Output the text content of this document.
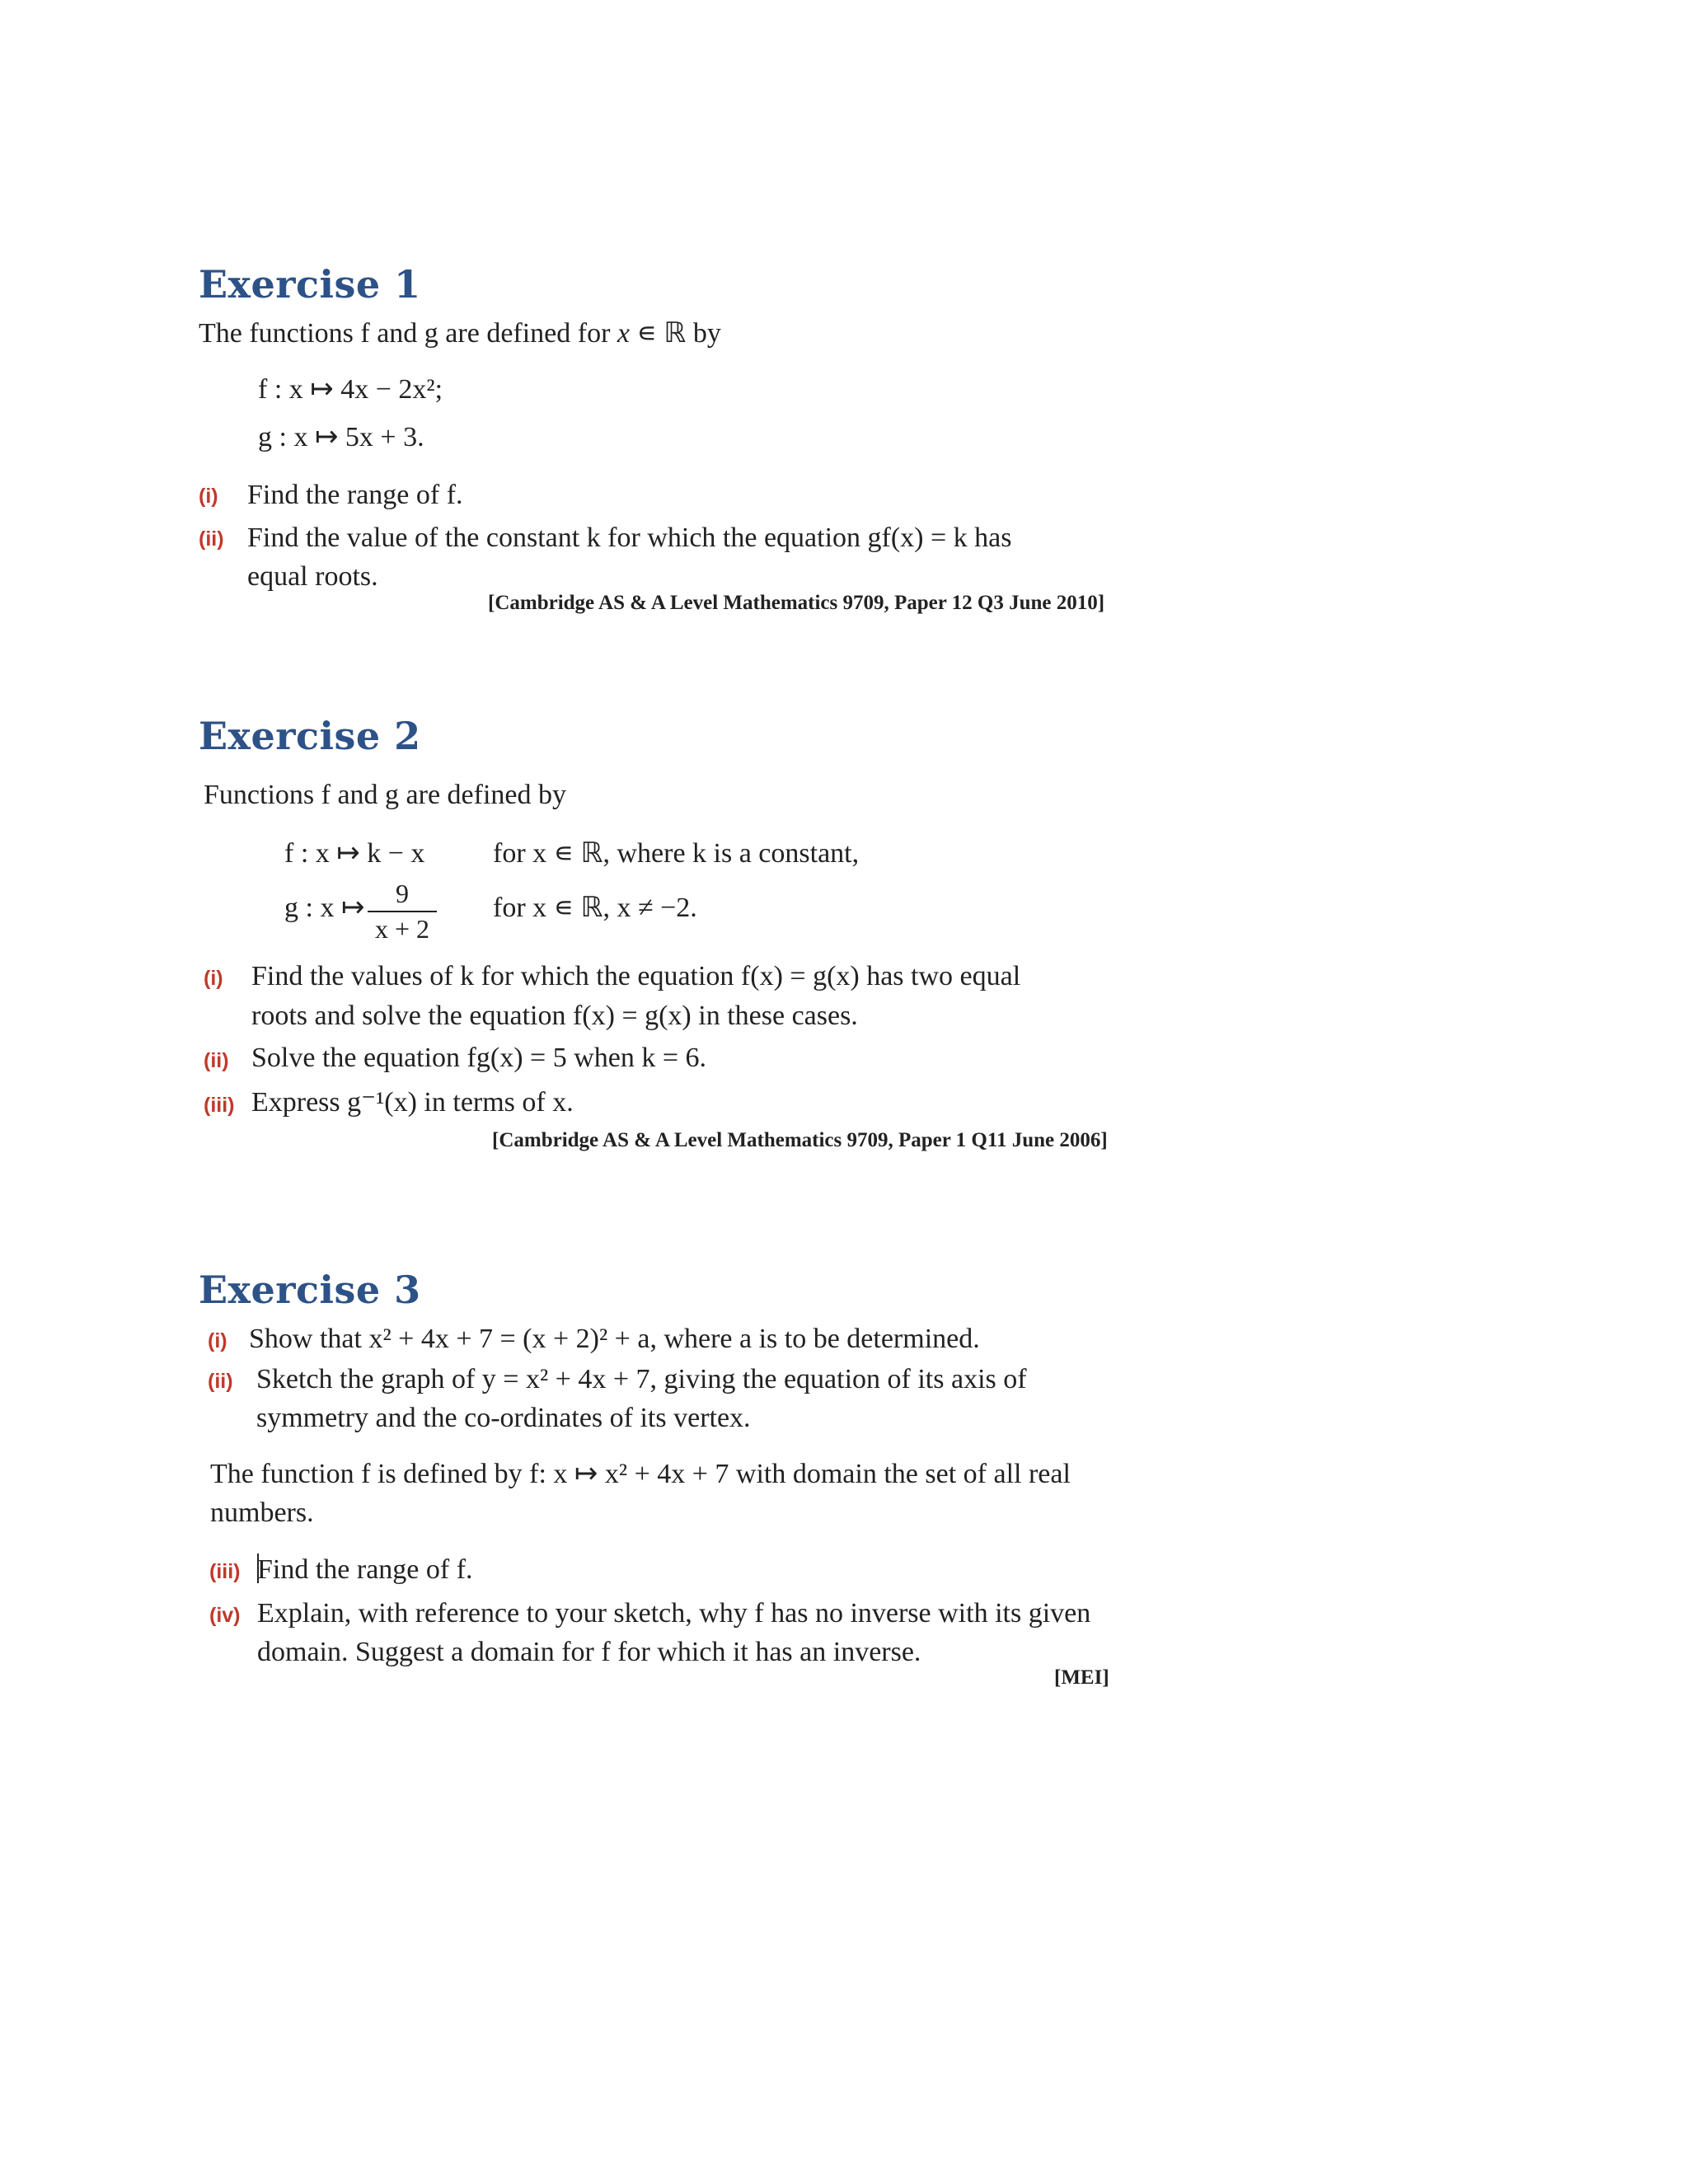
Exercise 1
The functions f and g are defined for x ∊ ℝ by
f : x ↦ 4x − 2x²;
g : x ↦ 5x + 3.
(i) Find the range of f.
(ii) Find the value of the constant k for which the equation gf(x) = k has
equal roots.
[Cambridge AS & A Level Mathematics 9709, Paper 12 Q3 June 2010]
Exercise 2
Functions f and g are defined by
f : x ↦ k − x for x ∊ ℝ, where k is a constant,
g : x ↦	9
x + 2
for x ∊ ℝ, x ≠ −2.
(i) Find the values of k for which the equation f(x) = g(x) has two equal
roots and solve the equation f(x) = g(x) in these cases.
(ii) Solve the equation fg(x) = 5 when k = 6.
(iii) Express g⁻¹(x) in terms of x.
[Cambridge AS & A Level Mathematics 9709, Paper 1 Q11 June 2006]
Exercise 3
(i) Show that x² + 4x + 7 = (x + 2)² + a, where a is to be determined.
(ii) Sketch the graph of y = x² + 4x + 7, giving the equation of its axis of
symmetry and the co-ordinates of its vertex.
The function f is defined by f: x ↦ x² + 4x + 7 with domain the set of all real
numbers.
(iii) Find the range of f.
(iv) Explain, with reference to your sketch, why f has no inverse with its given
domain. Suggest a domain for f for which it has an inverse.
[MEI]
